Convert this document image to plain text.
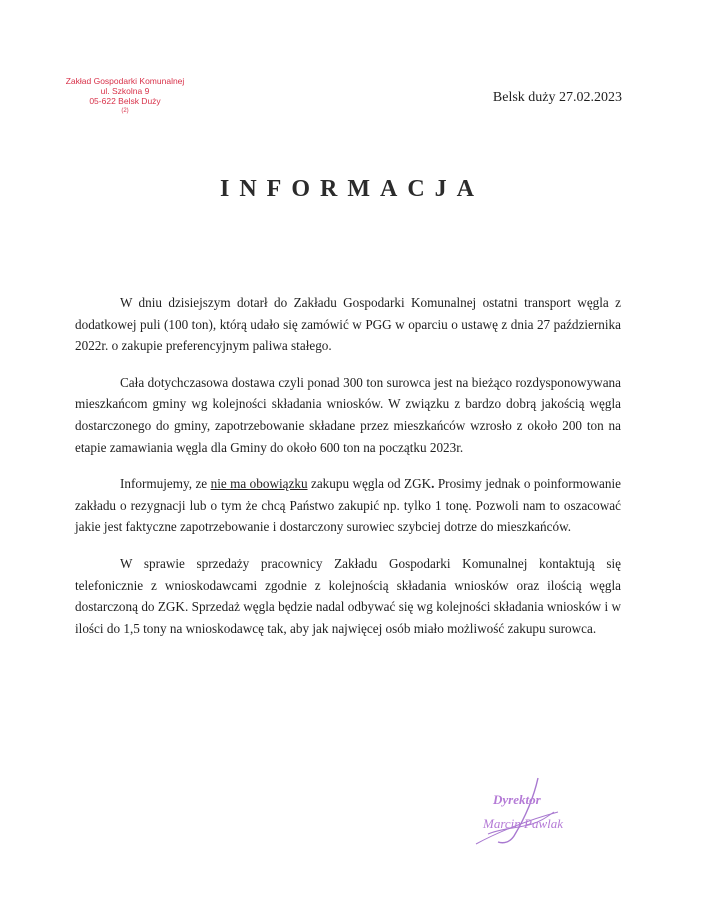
Zakład Gospodarki Komunalnej
ul. Szkolna 9
05-622 Belsk Duży
(2)
Belsk duży 27.02.2023
INFORMACJA

W dniu dzisiejszym dotarł do Zakładu Gospodarki Komunalnej ostatni transport węgla z dodatkowej puli (100 ton), którą udało się zamówić w PGG w oparciu o ustawę z dnia 27 października 2022r. o zakupie preferencyjnym paliwa stałego.

Cała dotychczasowa dostawa czyli ponad 300 ton surowca jest na bieżąco rozdysponowywana mieszkańcom gminy wg kolejności składania wniosków. W związku z bardzo dobrą jakością węgla dostarczonego do gminy, zapotrzebowanie składane przez mieszkańców wzrosło z około 200 ton na etapie zamawiania węgla dla Gminy do około 600 ton na początku 2023r.

Informujemy, ze nie ma obowiązku zakupu węgla od ZGK. Prosimy jednak o poinformowanie zakładu o rezygnacji lub o tym że chcą Państwo zakupić np. tylko 1 tonę. Pozwoli nam to oszacować jakie jest faktyczne zapotrzebowanie i dostarczony surowiec szybciej dotrze do mieszkańców.

W sprawie sprzedaży pracownicy Zakładu Gospodarki Komunalnej kontaktują się telefonicznie z wnioskodawcami zgodnie z kolejnością składania wniosków oraz ilością węgla dostarczoną do ZGK. Sprzedaż węgla będzie nadal odbywać się wg kolejności składania wniosków i w ilości do 1,5 tony na wnioskodawcę tak, aby jak najwięcej osób miało możliwość zakupu surowca.

Dyrektor
Marcin Pawlak
